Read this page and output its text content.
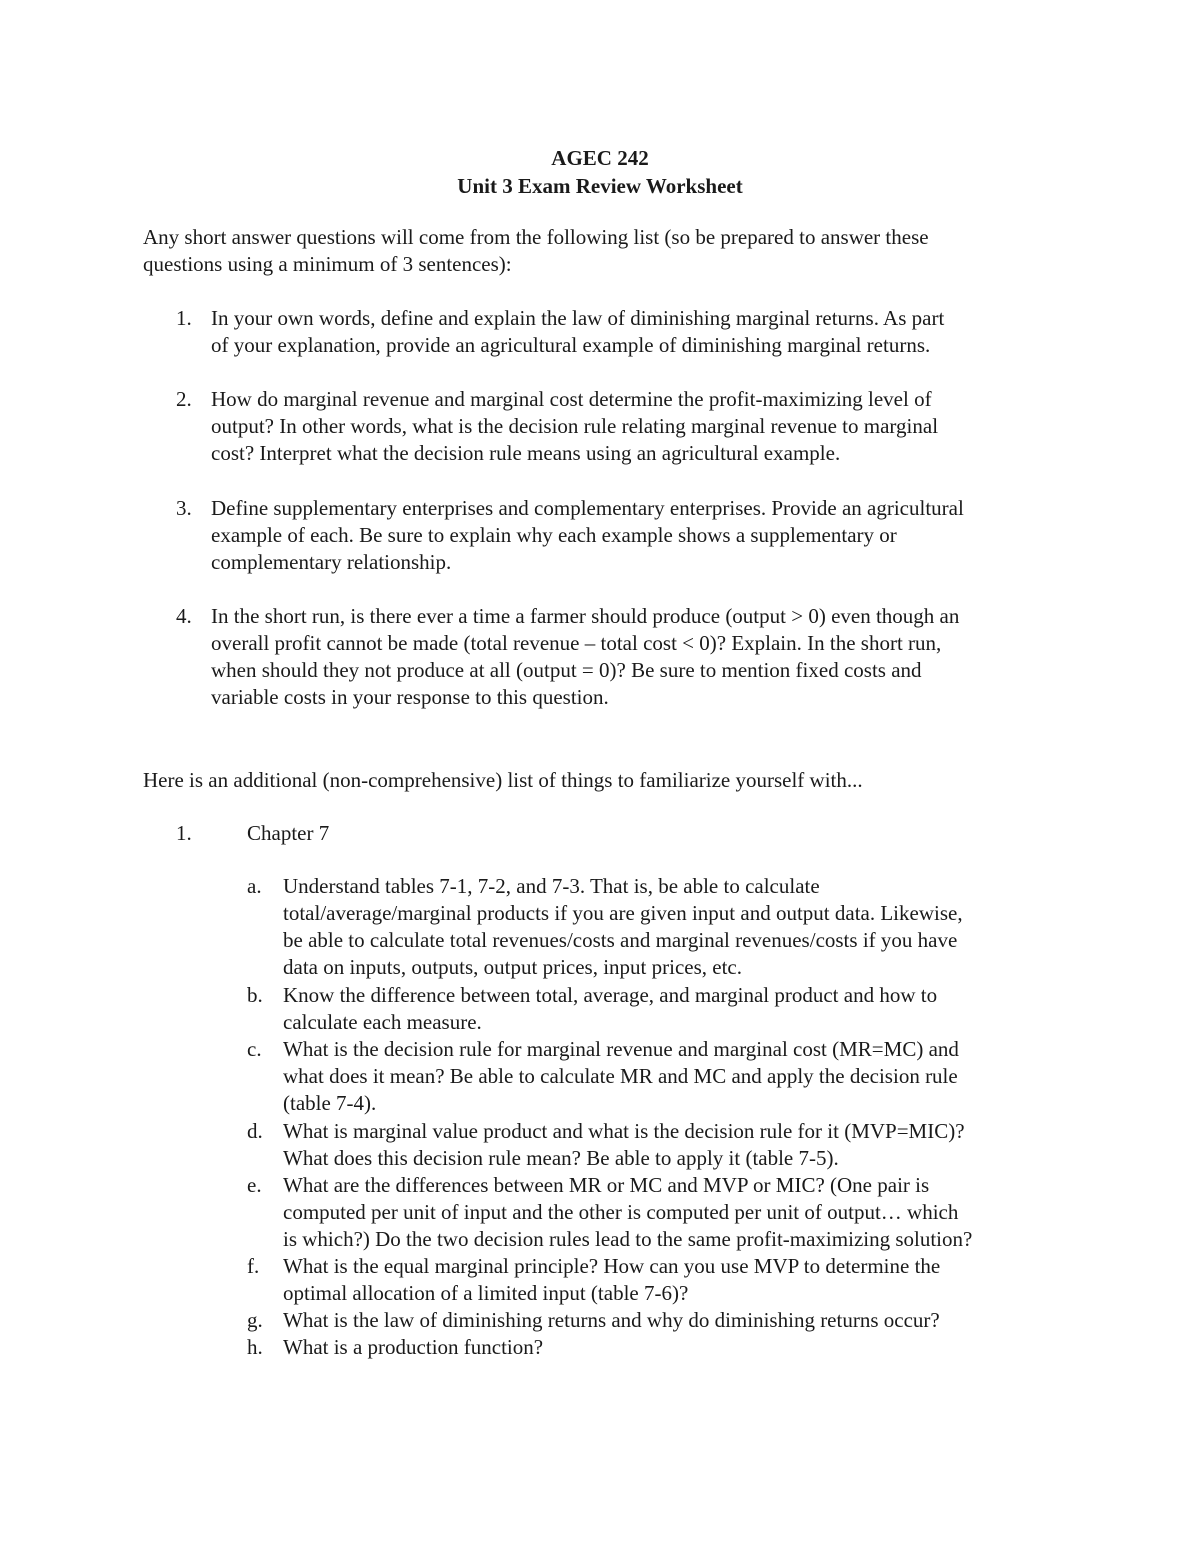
AGEC 242
Unit 3 Exam Review Worksheet
Any short answer questions will come from the following list (so be prepared to answer these
questions using a minimum of 3 sentences):
1. In your own words, define and explain the law of diminishing marginal returns. As part
of your explanation, provide an agricultural example of diminishing marginal returns.
2. How do marginal revenue and marginal cost determine the profit-maximizing level of
output? In other words, what is the decision rule relating marginal revenue to marginal
cost? Interpret what the decision rule means using an agricultural example.
3. Define supplementary enterprises and complementary enterprises. Provide an agricultural
example of each. Be sure to explain why each example shows a supplementary or
complementary relationship.
4. In the short run, is there ever a time a farmer should produce (output > 0) even though an
overall profit cannot be made (total revenue – total cost < 0)? Explain. In the short run,
when should they not produce at all (output = 0)? Be sure to mention fixed costs and
variable costs in your response to this question.
Here is an additional (non-comprehensive) list of things to familiarize yourself with...
1.	Chapter 7
a. Understand tables 7-1, 7-2, and 7-3. That is, be able to calculate
total/average/marginal products if you are given input and output data. Likewise,
be able to calculate total revenues/costs and marginal revenues/costs if you have
data on inputs, outputs, output prices, input prices, etc.
b. Know the difference between total, average, and marginal product and how to
calculate each measure.
c. What is the decision rule for marginal revenue and marginal cost (MR=MC) and
what does it mean? Be able to calculate MR and MC and apply the decision rule
(table 7-4).
d. What is marginal value product and what is the decision rule for it (MVP=MIC)?
What does this decision rule mean? Be able to apply it (table 7-5).
e. What are the differences between MR or MC and MVP or MIC? (One pair is
computed per unit of input and the other is computed per unit of output… which
is which?) Do the two decision rules lead to the same profit-maximizing solution?
f. What is the equal marginal principle? How can you use MVP to determine the
optimal allocation of a limited input (table 7-6)?
g. What is the law of diminishing returns and why do diminishing returns occur?
h. What is a production function?
